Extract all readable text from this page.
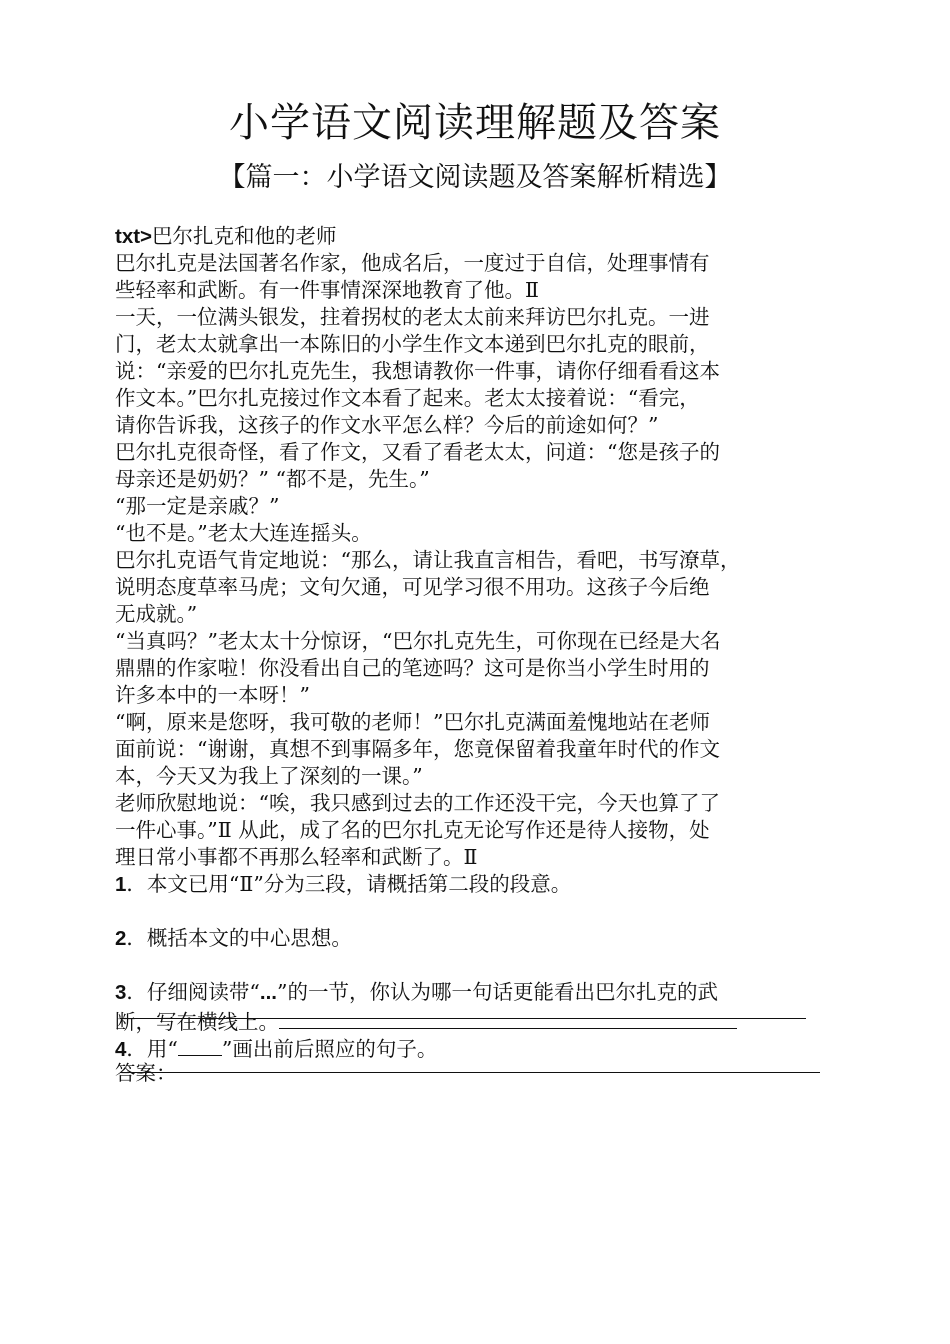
小学语文阅读理解题及答案
【篇一：小学语文阅读题及答案解析精选】
txt>巴尔扎克和他的老师
巴尔扎克是法国著名作家，他成名后，一度过于自信，处理事情有
些轻率和武断。有一件事情深深地教育了他。Ⅱ
一天，一位满头银发，拄着拐杖的老太太前来拜访巴尔扎克。一进
门，老太太就拿出一本陈旧的小学生作文本递到巴尔扎克的眼前，
说：“亲爱的巴尔扎克先生，我想请教你一件事，请你仔细看看这本
作文本。”巴尔扎克接过作文本看了起来。老太太接着说：“看完，
请你告诉我，这孩子的作文水平怎么样？今后的前途如何？”
巴尔扎克很奇怪，看了作文，又看了看老太太，问道：“您是孩子的
母亲还是奶奶？” “都不是，先生。”
“那一定是亲戚？”
“也不是。”老太大连连摇头。
巴尔扎克语气肯定地说：“那么，请让我直言相告，看吧，书写潦草，
说明态度草率马虎；文句欠通，可见学习很不用功。这孩子今后绝
无成就。”
“当真吗？”老太太十分惊讶，“巴尔扎克先生，可你现在已经是大名
鼎鼎的作家啦！你没看出自己的笔迹吗？这可是你当小学生时用的
许多本中的一本呀！”
“啊，原来是您呀，我可敬的老师！”巴尔扎克满面羞愧地站在老师
面前说：“谢谢，真想不到事隔多年，您竟保留着我童年时代的作文
本，今天又为我上了深刻的一课。”
老师欣慰地说：“唉，我只感到过去的工作还没干完，今天也算了了
一件心事。”Ⅱ 从此，成了名的巴尔扎克无论写作还是待人接物，处
理日常小事都不再那么轻率和武断了。Ⅱ
1．本文已用“Ⅱ”分为三段，请概括第二段的段意。
2．概括本文的中心思想。
3．仔细阅读带“...”的一节，你认为哪一句话更能看出巴尔扎克的武
断，写在横线上。
4．用“ ”画出前后照应的句子。
答案：
